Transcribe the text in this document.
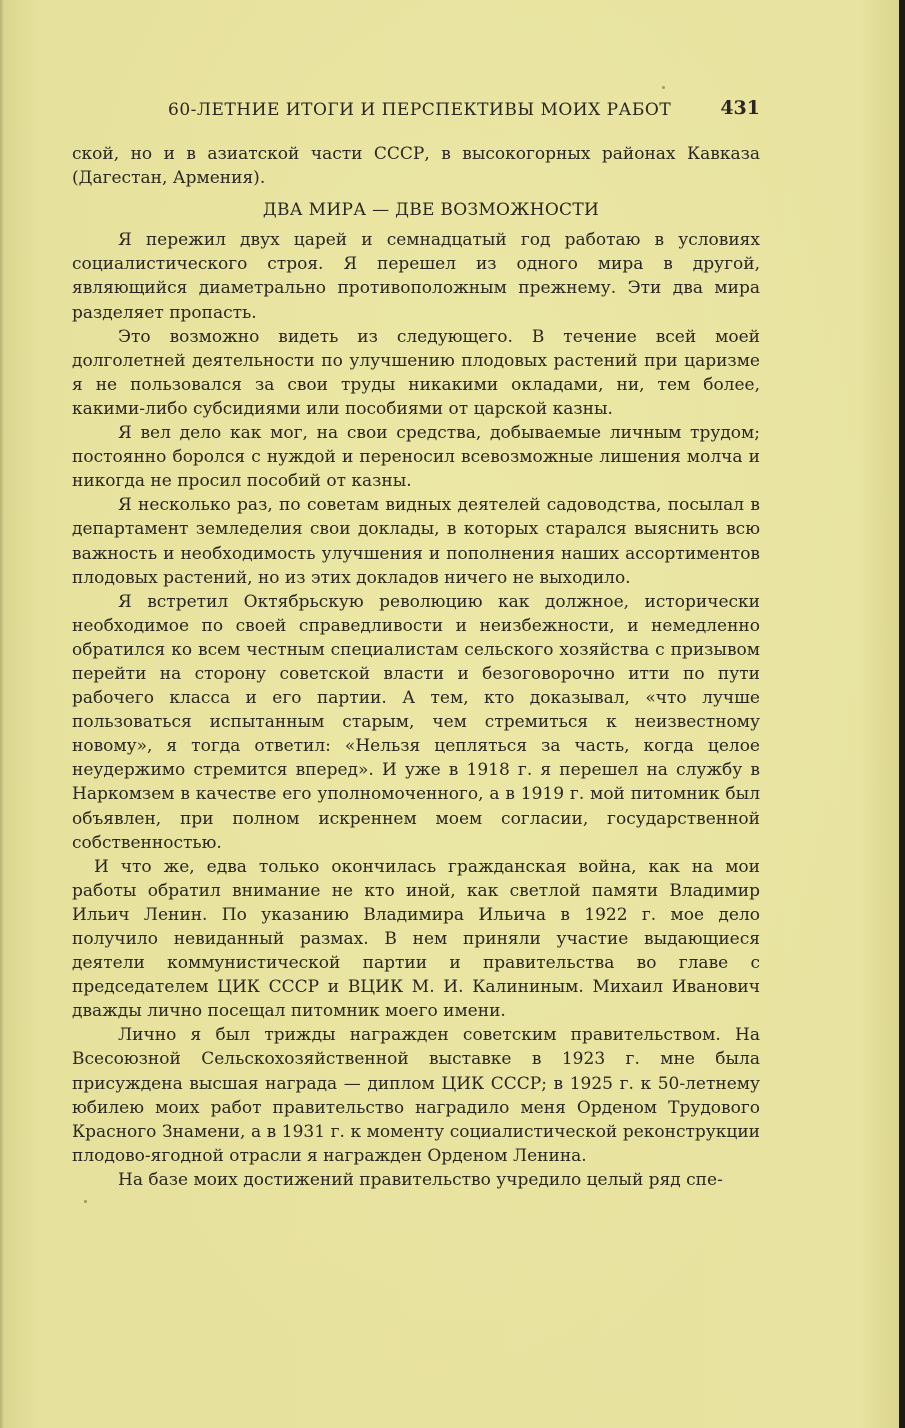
60-ЛЕТНИЕ ИТОГИ И ПЕРСПЕКТИВЫ МОИХ РАБОТ	431

ской, но и в азиатской части СССР, в высокогорных районах Кавказа (Дагестан, Армения).

ДВА МИРА — ДВЕ ВОЗМОЖНОСТИ

Я пережил двух царей и семнадцатый год работаю в условиях социалистического строя. Я перешел из одного мира в другой, являющийся диаметрально противоположным прежнему. Эти два мира разделяет пропасть.

Это возможно видеть из следующего. В течение всей моей долголетней деятельности по улучшению плодовых растений при царизме я не пользовался за свои труды никакими окладами, ни, тем более, какими-либо субсидиями или пособиями от царской казны.

Я вел дело как мог, на свои средства, добываемые личным трудом; постоянно боролся с нуждой и переносил всевозможные лишения молча и никогда не просил пособий от казны.

Я несколько раз, по советам видных деятелей садоводства, посылал в департамент земледелия свои доклады, в которых старался выяснить всю важность и необходимость улучшения и пополнения наших ассортиментов плодовых растений, но из этих докладов ничего не выходило.

Я встретил Октябрьскую революцию как должное, исторически необходимое по своей справедливости и неизбежности, и немедленно обратился ко всем честным специалистам сельского хозяйства с призывом перейти на сторону советской власти и безоговорочно итти по пути рабочего класса и его партии. А тем, кто доказывал, «что лучше пользоваться испытанным старым, чем стремиться к неизвестному новому», я тогда ответил: «Нельзя цепляться за часть, когда целое неудержимо стремится вперед». И уже в 1918 г. я перешел на службу в Наркомзем в качестве его уполномоченного, а в 1919 г. мой питомник был объявлен, при полном искреннем моем согласии, государственной собственностью.

И что же, едва только окончилась гражданская война, как на мои работы обратил внимание не кто иной, как светлой памяти Владимир Ильич Ленин. По указанию Владимира Ильича в 1922 г. мое дело получило невиданный размах. В нем приняли участие выдающиеся деятели коммунистической партии и правительства во главе с председателем ЦИК СССР и ВЦИК М. И. Калининым. Михаил Иванович дважды лично посещал питомник моего имени.

Лично я был трижды награжден советским правительством. На Всесоюзной Сельскохозяйственной выставке в 1923 г. мне была присуждена высшая награда — диплом ЦИК СССР; в 1925 г. к 50-летнему юбилею моих работ правительство наградило меня Орденом Трудового Красного Знамени, а в 1931 г. к моменту социалистической реконструкции плодово-ягодной отрасли я награжден Орденом Ленина.

На базе моих достижений правительство учредило целый ряд спе-
